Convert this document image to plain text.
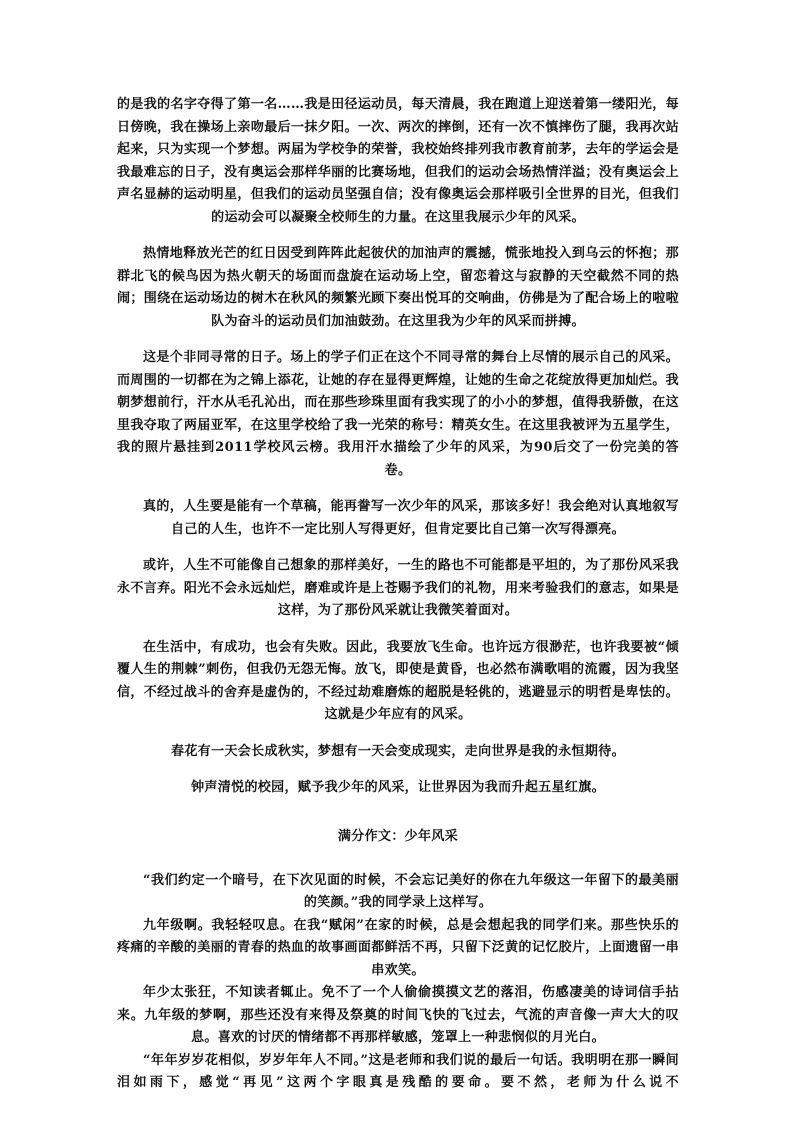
的是我的名字夺得了第一名……我是田径运动员，每天清晨，我在跑道上迎送着第一缕阳光，每日傍晚，我在操场上亲吻最后一抹夕阳。一次、两次的摔倒，还有一次不慎摔伤了腿，我再次站起来，只为实现一个梦想。两届为学校争的荣誉，我校始终排列我市教育前茅，去年的学运会是我最难忘的日子，没有奥运会那样华丽的比赛场地，但我们的运动会场热情洋溢；没有奥运会上声名显赫的运动明星，但我们的运动员坚强自信；没有像奥运会那样吸引全世界的目光，但我们的运动会可以凝聚全校师生的力量。在这里我展示少年的风采。

热情地释放光芒的红日因受到阵阵此起彼伏的加油声的震撼，慌张地投入到乌云的怀抱；那群北飞的候鸟因为热火朝天的场面而盘旋在运动场上空，留恋着这与寂静的天空截然不同的热闹；围绕在运动场边的树木在秋风的频繁光顾下奏出悦耳的交响曲，仿佛是为了配合场上的啦啦队为奋斗的运动员们加油鼓劲。在这里我为少年的风采而拼搏。

这是个非同寻常的日子。场上的学子们正在这个不同寻常的舞台上尽情的展示自己的风采。而周围的一切都在为之锦上添花，让她的存在显得更辉煌，让她的生命之花绽放得更加灿烂。我朝梦想前行，汗水从毛孔沁出，而在那些珍珠里面有我实现了的小小的梦想，值得我骄傲，在这里我夺取了两届亚军，在这里学校给了我一光荣的称号：精英女生。在这里我被评为五星学生，我的照片悬挂到2011学校风云榜。我用汗水描绘了少年的风采，为90后交了一份完美的答卷。

真的，人生要是能有一个草稿，能再誊写一次少年的风采，那该多好！我会绝对认真地叙写自己的人生，也许不一定比别人写得更好，但肯定要比自己第一次写得漂亮。

或许，人生不可能像自己想象的那样美好，一生的路也不可能都是平坦的，为了那份风采我永不言弃。阳光不会永远灿烂，磨难或许是上苍赐予我们的礼物，用来考验我们的意志，如果是这样，为了那份风采就让我微笑着面对。

在生活中，有成功，也会有失败。因此，我要放飞生命。也许远方很渺茫，也许我要被“倾覆人生的荆棘”刺伤，但我仍无怨无悔。放飞，即使是黄昏，也必然布满歌唱的流霞，因为我坚信，不经过战斗的舍弃是虚伪的，不经过劫难磨炼的超脱是轻佻的，逃避显示的明哲是卑怯的。这就是少年应有的风采。

春花有一天会长成秋实，梦想有一天会变成现实，走向世界是我的永恒期待。

钟声清悦的校园，赋予我少年的风采，让世界因为我而升起五星红旗。

满分作文：少年风采

“我们约定一个暗号，在下次见面的时候，不会忘记美好的你在九年级这一年留下的最美丽的笑颜。”我的同学录上这样写。

九年级啊。我轻轻叹息。在我“赋闲”在家的时候，总是会想起我的同学们来。那些快乐的疼痛的辛酸的美丽的青春的热血的故事画面都鲜活不再，只留下泛黄的记忆胶片，上面遗留一串串欢笑。

年少太张狂，不知读者辄止。免不了一个人偷偷摸摸文艺的落泪，伤感凄美的诗词信手拈来。九年级的梦啊，那些还没有来得及祭奠的时间飞快的飞过去，气流的声音像一声大大的叹息。喜欢的讨厌的情绪都不再那样敏感，笼罩上一种悲悯似的月光白。

“年年岁岁花相似，岁岁年年人不同。”这是老师和我们说的最后一句话。我明明在那一瞬间泪如雨下，感觉“再见”这两个字眼真是残酷的要命。要不然，老师为什么说不
